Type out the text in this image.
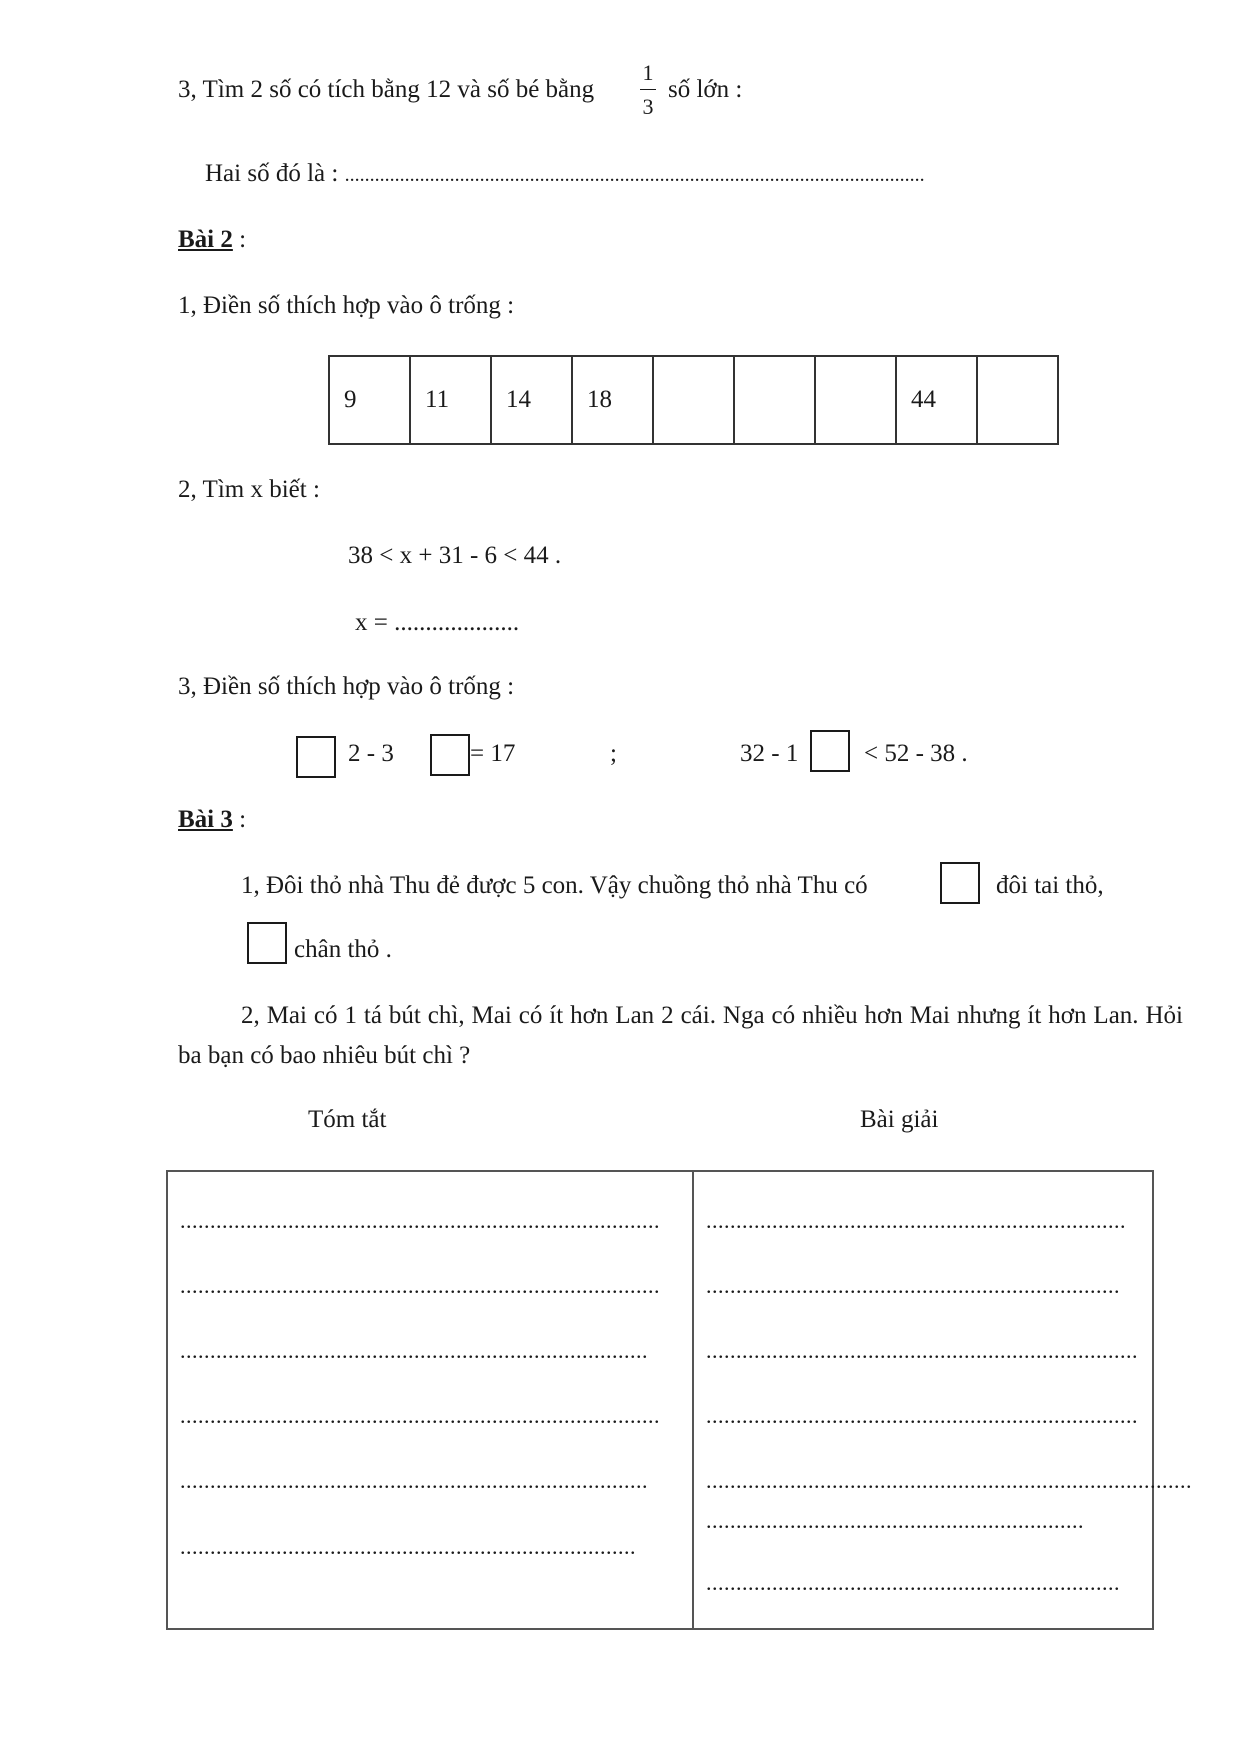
3, Tìm 2 số có tích bằng 12 và số bé bằng
1
3
số lớn :
Hai số đó là : ....................................................................................................................
Bài 2 :
1, Điền số thích hợp vào ô trống :
9	11	14	18				44	
2, Tìm x biết :
38 < x + 31 - 6 < 44 .
x = ....................
3, Điền số thích hợp vào ô trống :
2 - 3	= 17	;	32 - 1	< 52 - 38 .
Bài 3 :
1, Đôi thỏ nhà Thu đẻ được 5 con. Vậy chuồng thỏ nhà Thu có	đôi tai thỏ,
chân thỏ .
2, Mai có 1 tá bút chì, Mai có ít hơn Lan 2 cái. Nga có nhiều hơn Mai nhưng ít hơn Lan. Hỏi ba bạn có bao nhiêu bút chì ?
Tóm tắt	Bài giải
................................................................................
................................................................................
..............................................................................
................................................................................
..............................................................................
............................................................................
......................................................................
.....................................................................
........................................................................
........................................................................
.................................................................................
...............................................................
.....................................................................
